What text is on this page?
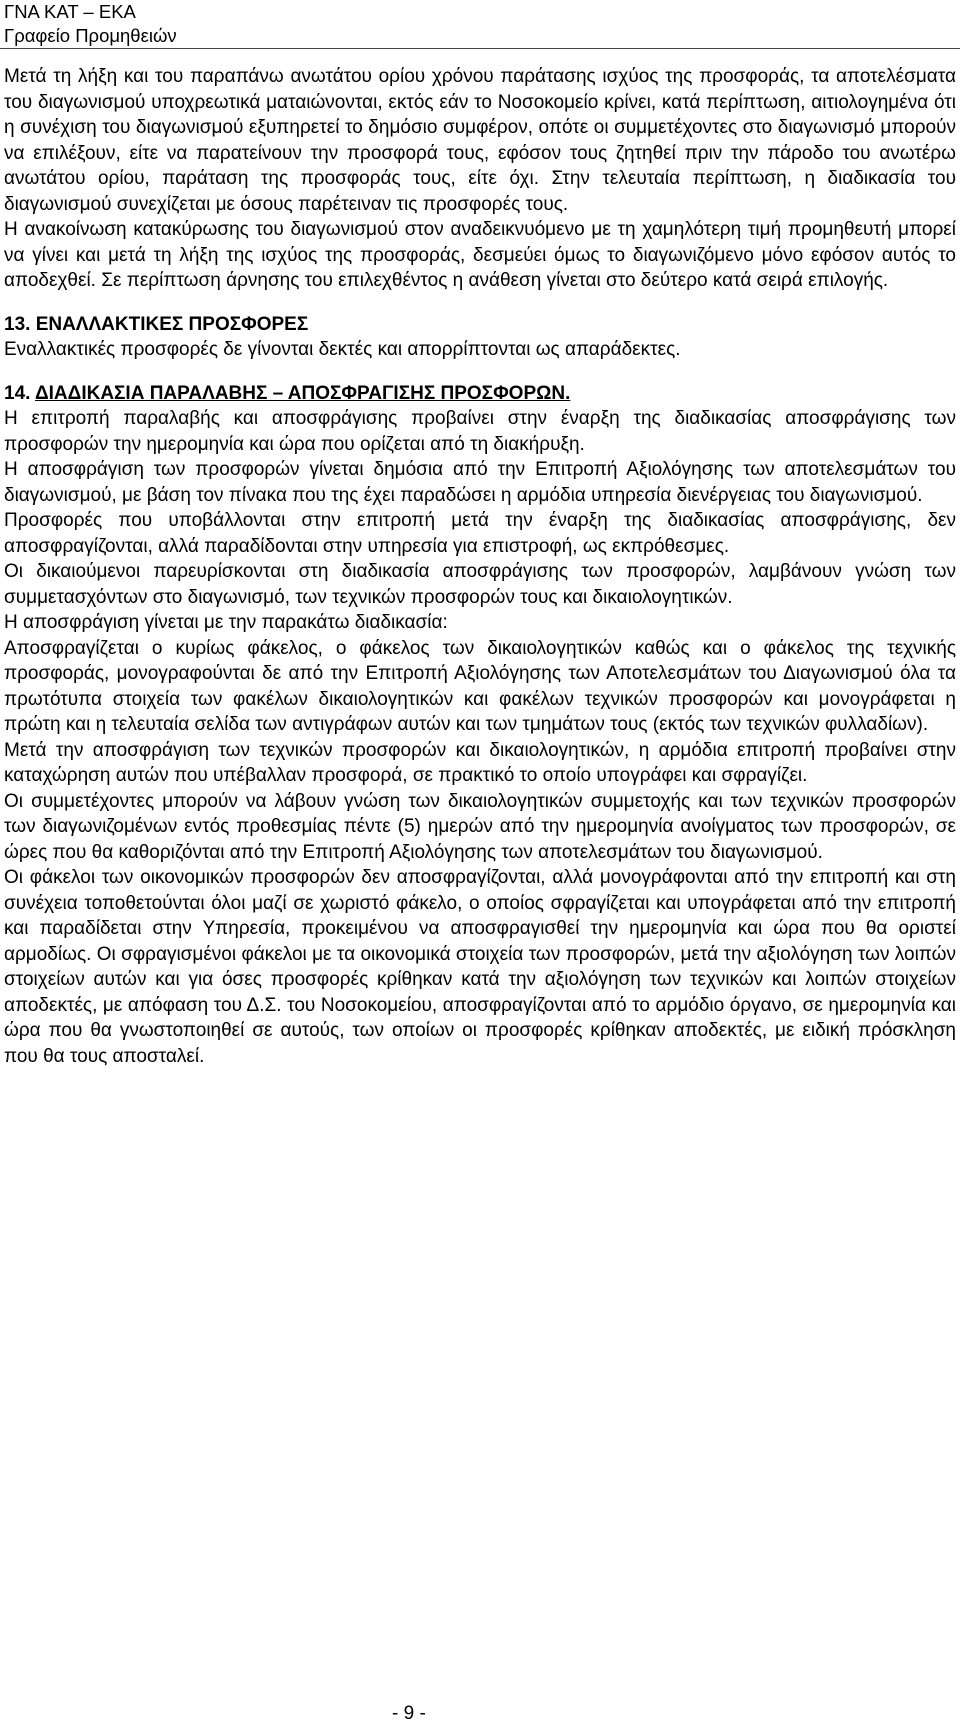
ΓΝΑ ΚΑΤ – ΕΚΑ
Γραφείο Προμηθειών

Μετά τη λήξη και του παραπάνω ανωτάτου ορίου χρόνου παράτασης ισχύος της προσφοράς, τα αποτελέσματα του διαγωνισμού υποχρεωτικά ματαιώνονται, εκτός εάν το Νοσοκομείο κρίνει, κατά περίπτωση, αιτιολογημένα ότι η συνέχιση του διαγωνισμού εξυπηρετεί το δημόσιο συμφέρον, οπότε οι συμμετέχοντες στο διαγωνισμό μπορούν να επιλέξουν, είτε να παρατείνουν την προσφορά τους, εφόσον τους ζητηθεί πριν την πάροδο του ανωτέρω ανωτάτου ορίου, παράταση της προσφοράς τους, είτε όχι. Στην τελευταία περίπτωση, η διαδικασία του διαγωνισμού συνεχίζεται με όσους παρέτειναν τις προσφορές τους.

Η ανακοίνωση κατακύρωσης του διαγωνισμού στον αναδεικνυόμενο με τη χαμηλότερη τιμή προμηθευτή μπορεί να γίνει και μετά τη λήξη της ισχύος της προσφοράς, δεσμεύει όμως το διαγωνιζόμενο μόνο εφόσον αυτός το αποδεχθεί. Σε περίπτωση άρνησης του επιλεχθέντος η ανάθεση γίνεται στο δεύτερο κατά σειρά επιλογής.

13. ΕΝΑΛΛΑΚΤΙΚΕΣ ΠΡΟΣΦΟΡΕΣ

Εναλλακτικές προσφορές δε γίνονται δεκτές και απορρίπτονται ως απαράδεκτες.

14. ΔΙΑΔΙΚΑΣΙΑ ΠΑΡΑΛΑΒΗΣ – ΑΠΟΣΦΡΑΓΙΣΗΣ ΠΡΟΣΦΟΡΩΝ.

Η επιτροπή παραλαβής και αποσφράγισης προβαίνει στην έναρξη της διαδικασίας αποσφράγισης των προσφορών την ημερομηνία και ώρα που ορίζεται από τη διακήρυξη.

Η αποσφράγιση των προσφορών γίνεται δημόσια από την Επιτροπή Αξιολόγησης των αποτελεσμάτων του διαγωνισμού, με βάση τον πίνακα που της έχει παραδώσει η αρμόδια υπηρεσία διενέργειας του διαγωνισμού.

Προσφορές που υποβάλλονται στην επιτροπή μετά την έναρξη της διαδικασίας αποσφράγισης, δεν αποσφραγίζονται, αλλά παραδίδονται στην υπηρεσία για επιστροφή, ως εκπρόθεσμες.

Οι δικαιούμενοι παρευρίσκονται στη διαδικασία αποσφράγισης των προσφορών, λαμβάνουν γνώση των συμμετασχόντων στο διαγωνισμό, των τεχνικών προσφορών τους και δικαιολογητικών.

Η αποσφράγιση γίνεται με την παρακάτω διαδικασία:

Αποσφραγίζεται ο κυρίως φάκελος, ο φάκελος των δικαιολογητικών καθώς και ο φάκελος της τεχνικής προσφοράς, μονογραφούνται δε από την Επιτροπή Αξιολόγησης των Αποτελεσμάτων του Διαγωνισμού όλα τα πρωτότυπα στοιχεία των φακέλων δικαιολογητικών και φακέλων τεχνικών προσφορών και μονογράφεται η πρώτη και η τελευταία σελίδα των αντιγράφων αυτών και των τμημάτων τους (εκτός των τεχνικών φυλλαδίων).

Μετά την αποσφράγιση των τεχνικών προσφορών και δικαιολογητικών, η αρμόδια επιτροπή προβαίνει στην καταχώρηση αυτών που υπέβαλλαν προσφορά, σε πρακτικό το οποίο υπογράφει και σφραγίζει.

Οι συμμετέχοντες μπορούν να λάβουν γνώση των δικαιολογητικών συμμετοχής και των τεχνικών προσφορών των διαγωνιζομένων εντός προθεσμίας πέντε (5) ημερών από την ημερομηνία ανοίγματος των προσφορών, σε ώρες που θα καθοριζόνται από την Επιτροπή Αξιολόγησης των αποτελεσμάτων του διαγωνισμού.

Οι φάκελοι των οικονομικών προσφορών δεν αποσφραγίζονται, αλλά μονογράφονται από την επιτροπή και στη συνέχεια τοποθετούνται όλοι μαζί σε χωριστό φάκελο, ο οποίος σφραγίζεται και υπογράφεται από την επιτροπή και παραδίδεται στην Υπηρεσία, προκειμένου να αποσφραγισθεί την ημερομηνία και ώρα που θα οριστεί αρμοδίως. Οι σφραγισμένοι φάκελοι με τα οικονομικά στοιχεία των προσφορών, μετά την αξιολόγηση των λοιπών στοιχείων αυτών και για όσες προσφορές κρίθηκαν κατά την αξιολόγηση των τεχνικών και λοιπών στοιχείων αποδεκτές, με απόφαση του Δ.Σ. του Νοσοκομείου, αποσφραγίζονται από το αρμόδιο όργανο, σε ημερομηνία και ώρα που θα γνωστοποιηθεί σε αυτούς, των οποίων οι προσφορές κρίθηκαν αποδεκτές, με ειδική πρόσκληση που θα τους αποσταλεί.

- 9 -
